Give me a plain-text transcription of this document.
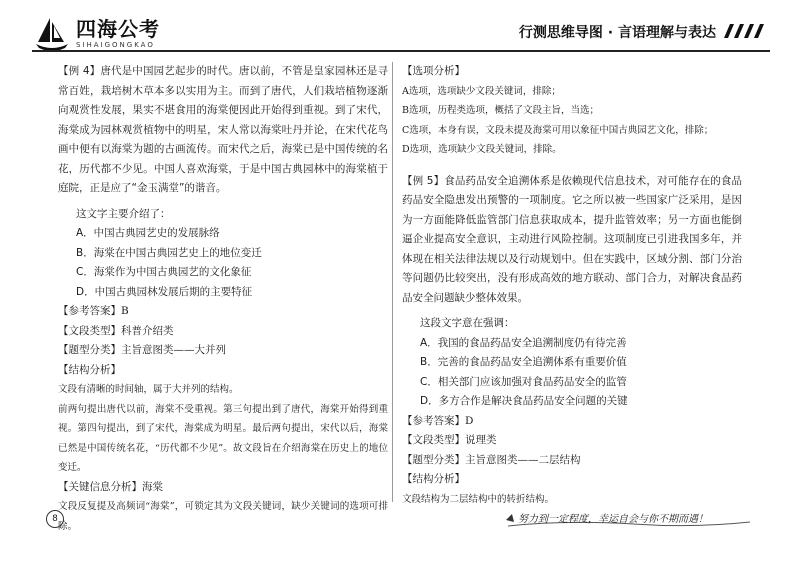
四海公考
SIHAIGONGKAO
行测思维导图 · 言语理解与表达
【例 4】唐代是中国园艺起步的时代。唐以前，不管是皇家园林还是寻常百姓，栽培树木草本多以实用为主。而到了唐代，人们栽培植物逐渐向观赏性发展，果实不堪食用的海棠便因此开始得到重视。到了宋代，海棠成为园林观赏植物中的明星，宋人常以海棠吐丹并论，在宋代花鸟画中便有以海棠为题的古画流传。而宋代之后，海棠已是中国传统的名花，历代都不少见。中国人喜欢海棠，于是中国古典园林中的海棠植于庭院，正是应了“金玉满堂”的谐音。
这文字主要介绍了：
A．中国古典园艺史的发展脉络
B．海棠在中国古典园艺史上的地位变迁
C．海棠作为中国古典园艺的文化象征
D．中国古典园林发展后期的主要特征
【参考答案】B
【文段类型】科普介绍类
【题型分类】主旨意图类——大并列
【结构分析】
文段有清晰的时间轴，属于大并列的结构。
前两句提出唐代以前，海棠不受重视。第三句提出到了唐代，海棠开始得到重视。第四句提出，到了宋代，海棠成为明星。最后两句提出，宋代以后，海棠已然是中国传统名花，“历代都不少见”。故文段旨在介绍海棠在历史上的地位变迁。
【关键信息分析】海棠
文段反复提及高频词“海棠”，可锁定其为文段关键词，缺少关键词的选项可排除。
【选项分析】
A选项，选项缺少文段关键词，排除；
B选项，历程类选项，概括了文段主旨，当选；
C选项，本身有误，文段未提及海棠可用以象征中国古典园艺文化，排除；
D选项，选项缺少文段关键词，排除。
【例 5】食品药品安全追溯体系是依赖现代信息技术，对可能存在的食品药品安全隐患发出预警的一项制度。它之所以被一些国家广泛采用，是因为一方面能降低监管部门信息获取成本，提升监管效率；另一方面也能倒逼企业提高安全意识，主动进行风险控制。这项制度已引进我国多年，并体现在相关法律法规以及行动规划中。但在实践中，区域分割、部门分治等问题仍比较突出，没有形成高效的地方联动、部门合力，对解决食品药品安全问题缺少整体效果。
这段文字意在强调：
A．我国的食品药品安全追溯制度仍有待完善
B．完善的食品药品安全追溯体系有重要价值
C．相关部门应该加强对食品药品安全的监管
D．多方合作是解决食品药品安全问题的关键
【参考答案】D
【文段类型】说理类
【题型分类】主旨意图类——二层结构
【结构分析】
文段结构为二层结构中的转折结构。
8	努力到一定程度，幸运自会与你不期而遇！
